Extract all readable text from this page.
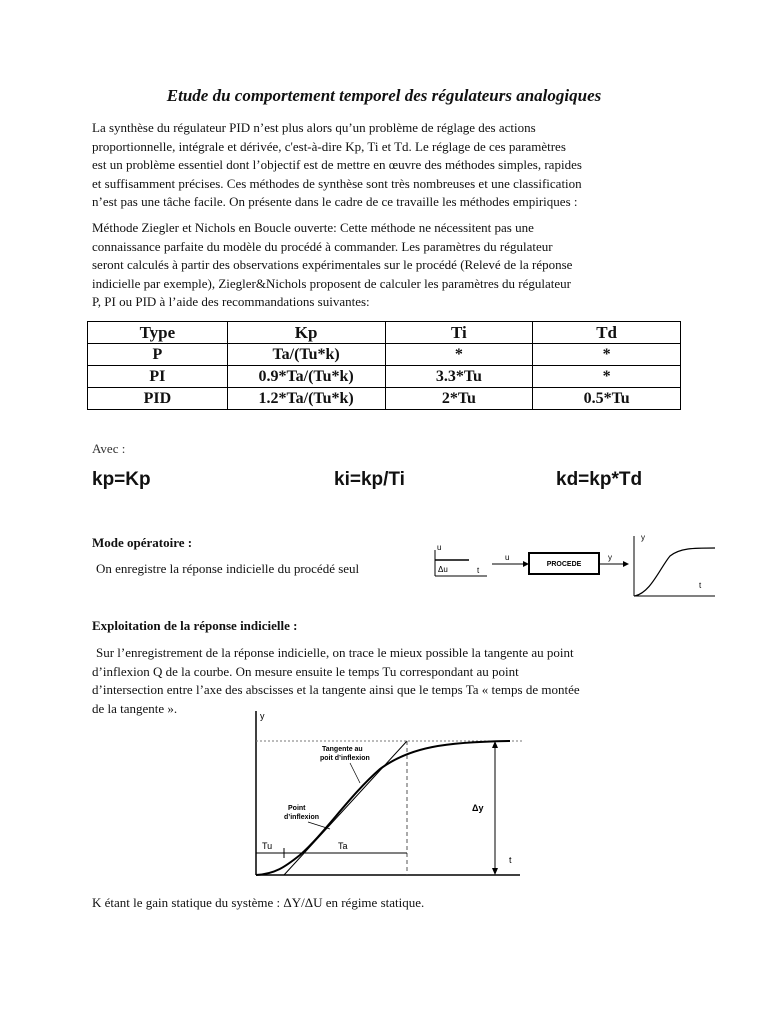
Etude du comportement temporel des régulateurs analogiques

La synthèse du régulateur PID n’est plus alors qu’un problème de réglage des actions

proportionnelle, intégrale et dérivée, c'est-à-dire Kp, Ti et Td. Le réglage de ces paramètres

est un problème essentiel dont l’objectif est de mettre en œuvre des méthodes simples, rapides

et suffisamment précises. Ces méthodes de synthèse sont très nombreuses et une classification

n’est pas une tâche facile. On présente dans le cadre de ce travaille les méthodes empiriques :

Méthode Ziegler et Nichols en Boucle ouverte: Cette méthode ne nécessitent pas une

connaissance parfaite du modèle du procédé à commander. Les paramètres du régulateur

seront calculés à partir des observations expérimentales sur le procédé (Relevé de la réponse

indicielle par exemple), Ziegler&Nichols proposent de calculer les paramètres du régulateur

P, PI ou PID à l’aide des recommandations suivantes:

Type	Kp	Ti	Td
P	Ta/(Tu*k)	*	*
PI	0.9*Ta/(Tu*k)	3.3*Tu	*
PID	1.2*Ta/(Tu*k)	2*Tu	0.5*Tu
Avec :
kp=Kp	ki=kp/Ti	kd=kp*Td
Mode opératoire :
On enregistre la réponse indicielle du procédé seul
u
Δu	t
u
PROCEDE
y
y
t
Exploitation de la réponse indicielle :

Sur l’enregistrement de la réponse indicielle, on trace le mieux possible la tangente au point

d’inflexion Q de la courbe. On mesure ensuite le temps Tu correspondant au point

d’intersection entre l’axe des abscisses et la tangente ainsi que le temps Ta « temps de montée

de la tangente ».

y
t
Δy
Tu	Ta
Tangente au
poit d’inflexion
Point
d’inflexion
K étant le gain statique du système : ΔY/ΔU en régime statique.
